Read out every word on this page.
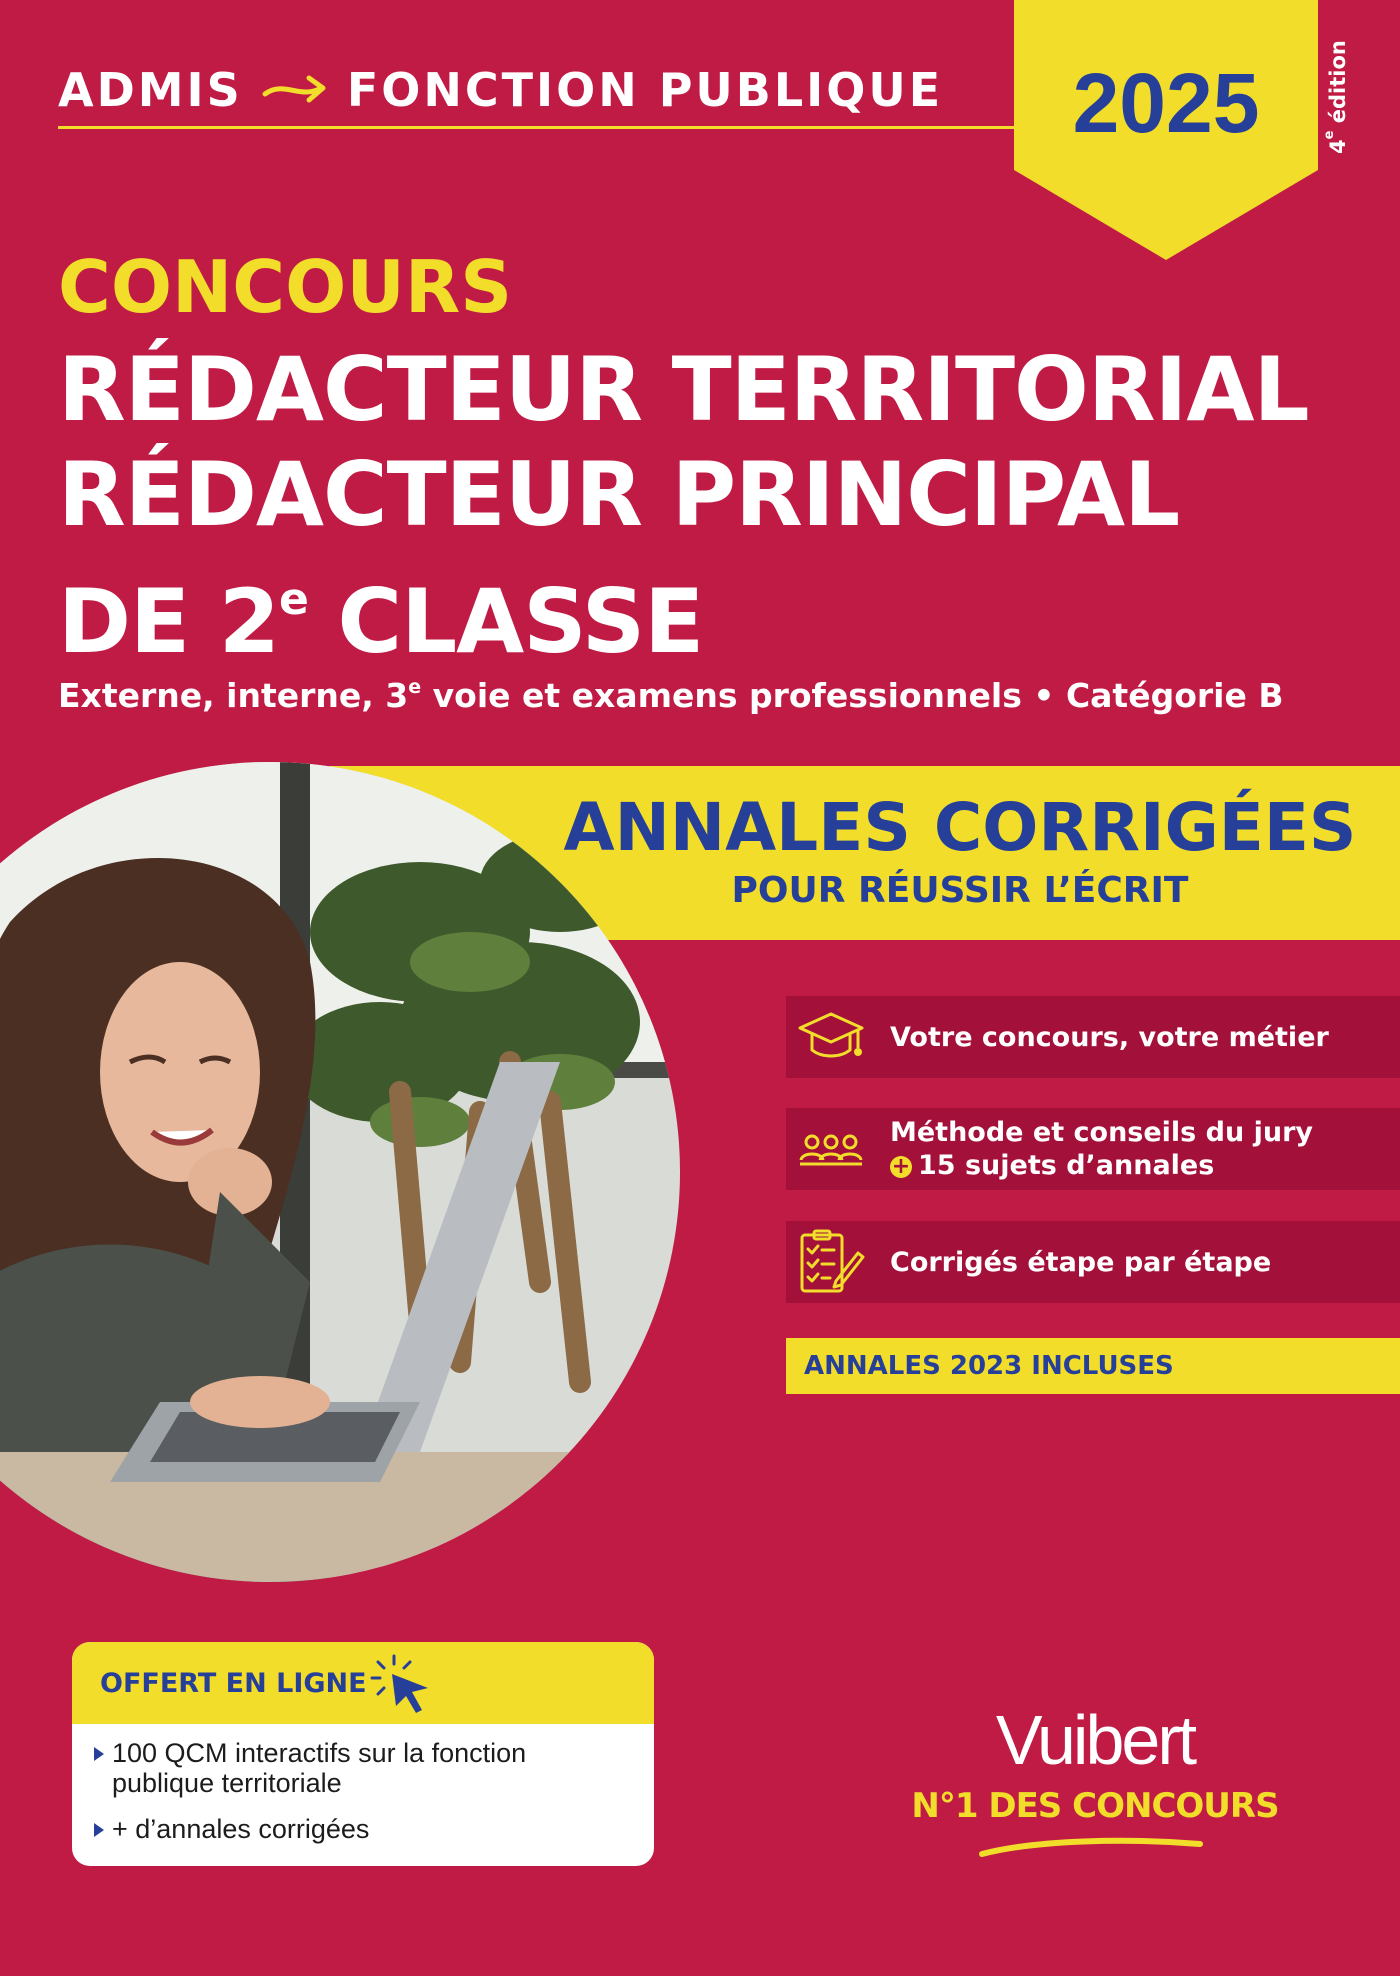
ADMIS FONCTION PUBLIQUE	2025	4e édition
CONCOURS
RÉDACTEUR TERRITORIAL
RÉDACTEUR PRINCIPAL
DE 2e CLASSE
Externe, interne, 3e voie et examens professionnels • Catégorie B
ANNALES CORRIGÉES
POUR RÉUSSIR L’ÉCRIT
Votre concours, votre métier
Méthode et conseils du jury
+ 15 sujets d’annales
Corrigés étape par étape
ANNALES 2023 INCLUSES
OFFERT EN LIGNE
100 QCM interactifs sur la fonction publique territoriale
+ d’annales corrigées
Vuibert
N°1 DES CONCOURS
